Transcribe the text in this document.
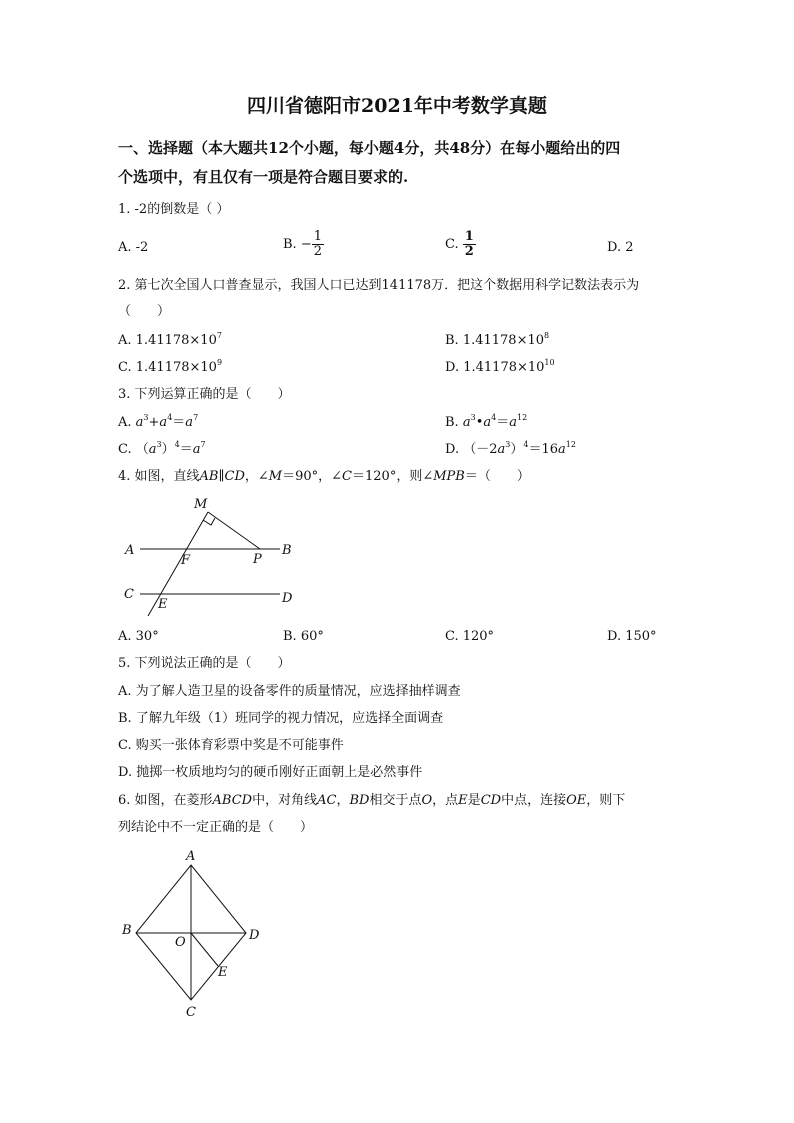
四川省德阳市2021年中考数学真题
一、选择题（本大题共12个小题，每小题4分，共48分）在每小题给出的四
个选项中，有且仅有一项是符合题目要求的.
1. -2的倒数是（ ）
A. -2	B. − $\frac{1}{2}$	C. $\frac{1}{2}$	D. 2
2. 第七次全国人口普查显示，我国人口已达到141178万．把这个数据用科学记数法表示为
（　　）
A. $1.41178\times 10^7$	B. $1.41178\times 10^8$
C. $1.41178\times 10^9$	D. $1.41178\times 10^{10}$
3. 下列运算正确的是（　　）
A. $a^3+a^4=a^7$	B. $a^3•a^4=a^{12}$
C. $(a^3)^4=a^7$	D. $(-2a^3)^4=16a^{12}$
4. 如图，直线AB∥CD，∠M＝90°，∠C＝120°，则∠MPB＝（　　）
M
A
F	P
B
C
E	D
A. 30°	B. 60°	C. 120°	D. 150°
5. 下列说法正确的是（　　）
A. 为了解人造卫星的设备零件的质量情况，应选择抽样调查
B. 了解九年级（1）班同学的视力情况，应选择全面调查
C. 购买一张体育彩票中奖是不可能事件
D. 抛掷一枚质地均匀的硬币刚好正面朝上是必然事件
6. 如图，在菱形ABCD中，对角线AC，BD相交于点O，点E是CD中点，连接OE，则下
列结论中不一定正确的是（　　）
A
B
O	D
E
C
